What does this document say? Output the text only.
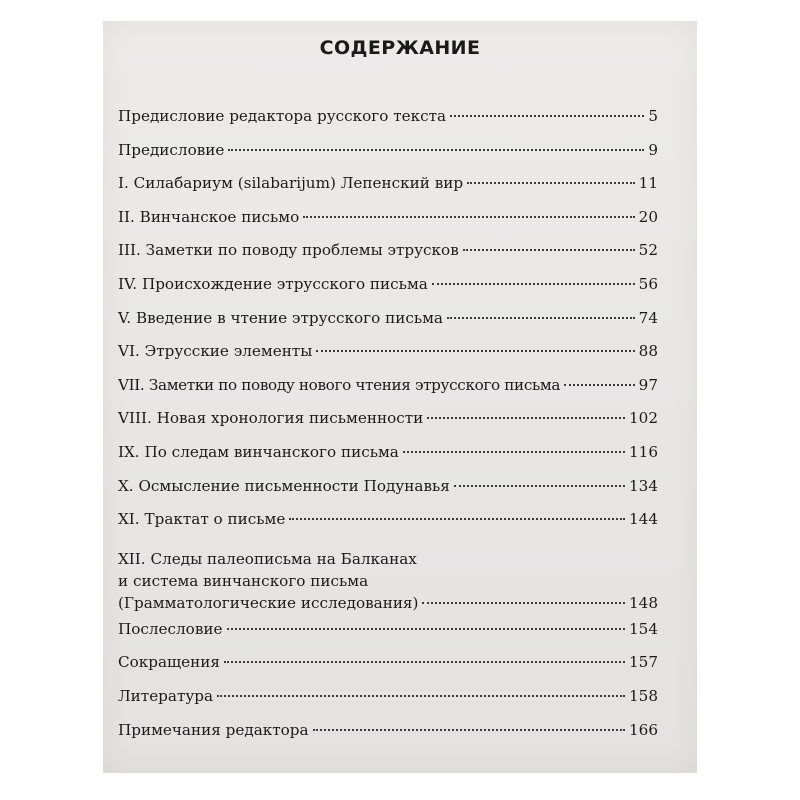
СОДЕРЖАНИЕ
Предисловие редактора русского текста	5
Предисловие	9
I. Силабариум (silabarijum) Лепенский вир	11
II. Винчанское письмо	20
III. Заметки по поводу проблемы этрусков	52
IV. Происхождение этрусского письма	56
V. Введение в чтение этрусского письма	74
VI. Этрусские элементы	88
VII. Заметки по поводу нового чтения этрусского письма	97
VIII. Новая хронология письменности	102
IX. По следам винчанского письма	116
X. Осмысление письменности Подунавья	134
XI. Трактат о письме	144
XII. Следы палеописьма на Балканах
и система винчанского письма
(Грамматологические исследования)	148
Послесловие	154
Сокращения	157
Литература	158
Примечания редактора	166
